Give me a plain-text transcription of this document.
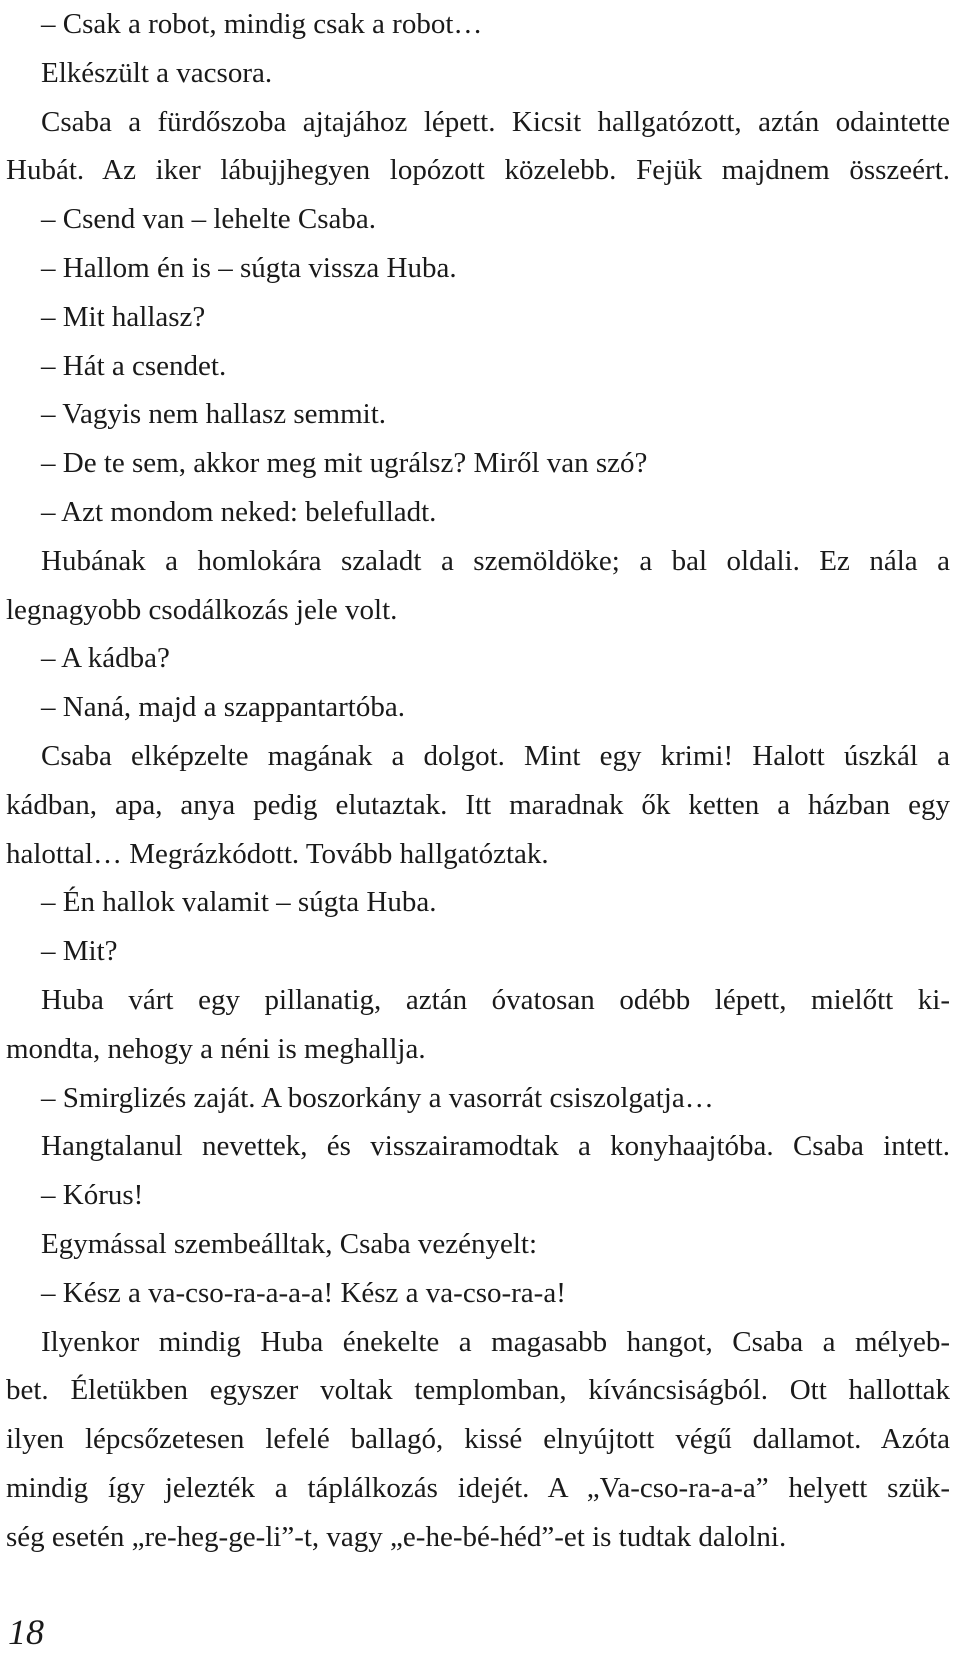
– Csak a robot, mindig csak a robot…
Elkészült a vacsora.
Csaba a fürdőszoba ajtajához lépett. Kicsit hallgatózott, aztán odaintette
Hubát. Az iker lábujjhegyen lopózott közelebb. Fejük majdnem összeért.
– Csend van – lehelte Csaba.
– Hallom én is – súgta vissza Huba.
– Mit hallasz?
– Hát a csendet.
– Vagyis nem hallasz semmit.
– De te sem, akkor meg mit ugrálsz? Miről van szó?
– Azt mondom neked: belefulladt.
Hubának a homlokára szaladt a szemöldöke; a bal oldali. Ez nála a
legnagyobb csodálkozás jele volt.
– A kádba?
– Naná, majd a szappantartóba.
Csaba elképzelte magának a dolgot. Mint egy krimi! Halott úszkál a
kádban, apa, anya pedig elutaztak. Itt maradnak ők ketten a házban egy
halottal… Megrázkódott. Tovább hallgatóztak.
– Én hallok valamit – súgta Huba.
– Mit?
Huba várt egy pillanatig, aztán óvatosan odébb lépett, mielőtt ki-
mondta, nehogy a néni is meghallja.
– Smirglizés zaját. A boszorkány a vasorrát csiszolgatja…
Hangtalanul nevettek, és visszairamodtak a konyhaajtóba. Csaba intett.
– Kórus!
Egymással szembeálltak, Csaba vezényelt:
– Kész a va-cso-ra-a-a-a! Kész a va-cso-ra-a!
Ilyenkor mindig Huba énekelte a magasabb hangot, Csaba a mélyeb-
bet. Életükben egyszer voltak templomban, kíváncsiságból. Ott hallottak
ilyen lépcsőzetesen lefelé ballagó, kissé elnyújtott végű dallamot. Azóta
mindig így jelezték a táplálkozás idejét. A „Va-cso-ra-a-a” helyett szük-
ség esetén „re-heg-ge-li”-t, vagy „e-he-bé-héd”-et is tudtak dalolni.
18
